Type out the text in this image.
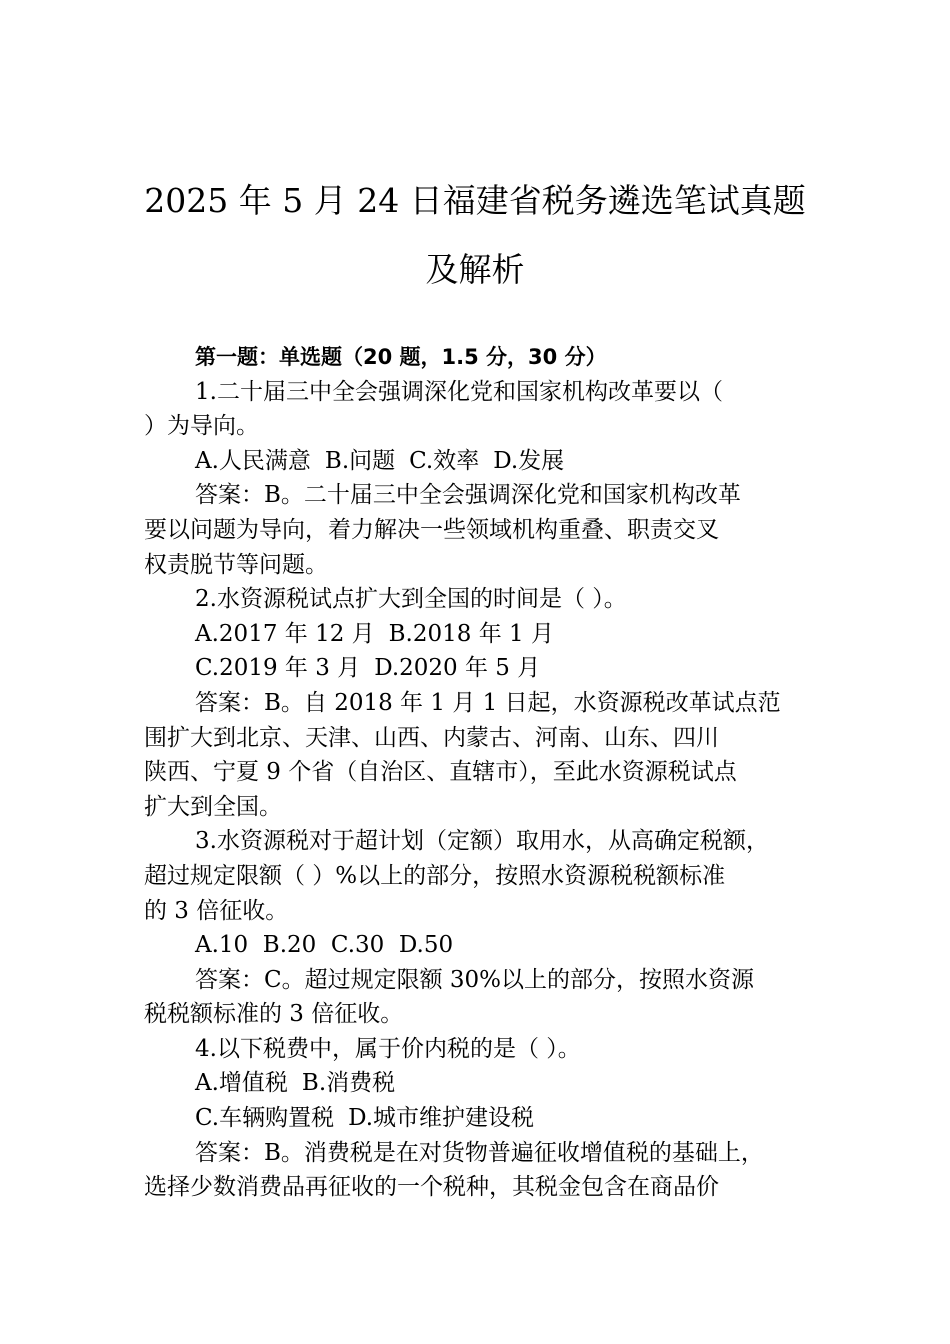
2025 年 5 月 24 日福建省税务遴选笔试真题
及解析
第一题：单选题（20 题，1.5 分，30 分）
1.二十届三中全会强调深化党和国家机构改革要以（
）为导向。
A.人民满意 B.问题 C.效率 D.发展
答案：B。二十届三中全会强调深化党和国家机构改革
要以问题为导向，着力解决一些领域机构重叠、职责交叉
权责脱节等问题。
2.水资源税试点扩大到全国的时间是（ ）。
A.2017 年 12 月 B.2018 年 1 月
C.2019 年 3 月 D.2020 年 5 月
答案：B。自 2018 年 1 月 1 日起，水资源税改革试点范
围扩大到北京、天津、山西、内蒙古、河南、山东、四川
陕西、宁夏 9 个省（自治区、直辖市），至此水资源税试点
扩大到全国。
3.水资源税对于超计划（定额）取用水，从高确定税额，
超过规定限额（ ）%以上的部分，按照水资源税税额标准
的 3 倍征收。
A.10  B.20  C.30  D.50
答案：C。超过规定限额 30%以上的部分，按照水资源
税税额标准的 3 倍征收。
4.以下税费中，属于价内税的是（ ）。
A.增值税 B.消费税
C.车辆购置税 D.城市维护建设税
答案：B。消费税是在对货物普遍征收增值税的基础上，
选择少数消费品再征收的一个税种，其税金包含在商品价
